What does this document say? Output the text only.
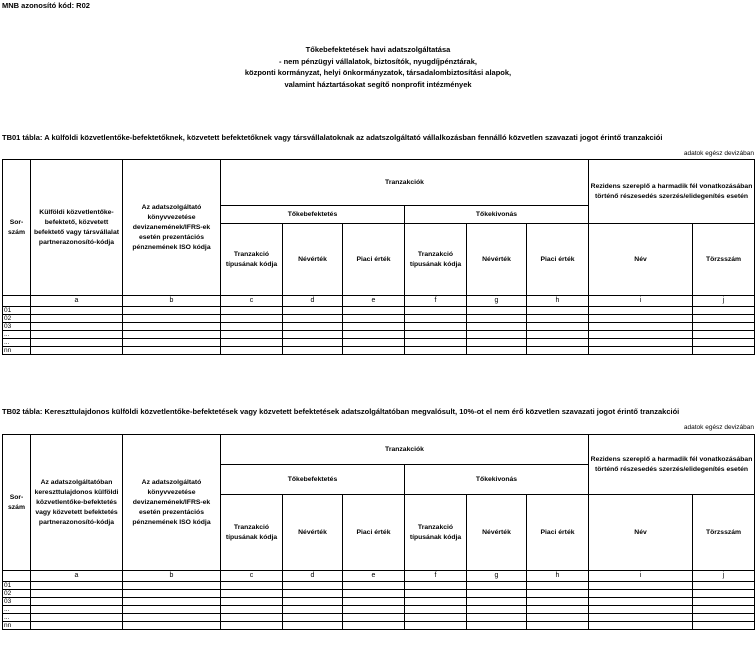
MNB azonosító kód: R02
Tőkebefektetések havi adatszolgáltatása
- nem pénzügyi vállalatok, biztosítók, nyugdíjpénztárak,
központi kormányzat, helyi önkormányzatok, társadalombiztosítási alapok,
valamint háztartásokat segítő nonprofit intézmények
TB01 tábla: A külföldi közvetlentőke-befektetőknek, közvetett befektetőknek vagy társvállalatoknak az adatszolgáltató vállalkozásban fennálló közvetlen szavazati jogot érintő tranzakciói
adatok egész devizában
Sor-szám	Külföldi közvetlentőke-befektető, közvetett befektető vagy társvállalat partnerazonosító-kódja	Az adatszolgáltató könyvvezetése devizanemének/IFRS-ek esetén prezentációs pénznemének ISO kódja	Tranzakciók						Rezidens szereplő a harmadik fél vonatkozásában történő részesedés szerzés/elidegenítés esetén	
			Tőkebefektetés			Tőkekivonás				
			Tranzakció típusának kódja	Névérték	Piaci érték	Tranzakció típusának kódja	Névérték	Piaci érték	Név	Törzsszám
	a	b	c	d	e	f	g	h	i	j
01										
02										
03										
...										
...										
nn										
TB02 tábla: Kereszttulajdonos külföldi közvetlentőke-befektetések vagy közvetett befektetések adatszolgáltatóban megvalósult, 10%-ot el nem érő közvetlen szavazati jogot érintő tranzakciói
adatok egész devizában
Sor-szám	Az adatszolgáltatóban kereszttulajdonos külföldi közvetlentőke-befektetés vagy közvetett befektetés partnerazonosító-kódja	Az adatszolgáltató könyvvezetése devizanemének/IFRS-ek esetén prezentációs pénznemének ISO kódja	Tranzakciók						Rezidens szereplő a harmadik fél vonatkozásában történő részesedés szerzés/elidegenítés esetén	
			Tőkebefektetés			Tőkekivonás				
			Tranzakció típusának kódja	Névérték	Piaci érték	Tranzakció típusának kódja	Névérték	Piaci érték	Név	Törzsszám
	a	b	c	d	e	f	g	h	i	j
01										
02										
03										
...										
...										
nn										
